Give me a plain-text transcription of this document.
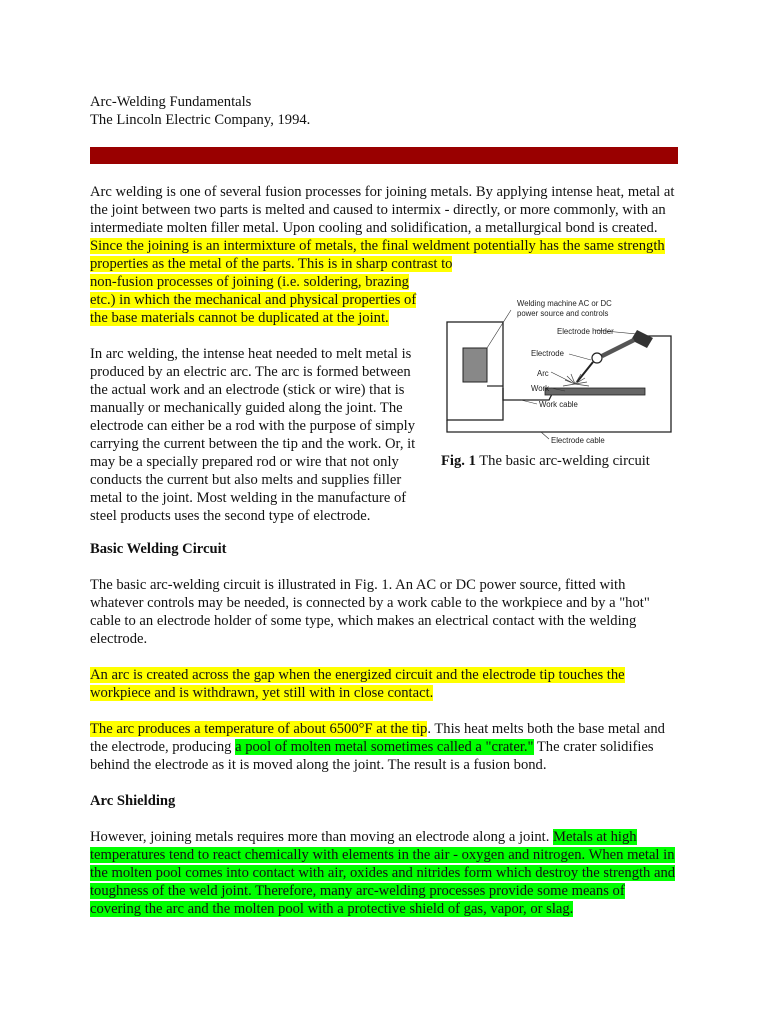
Arc-Welding Fundamentals
The Lincoln Electric Company, 1994.
Arc welding is one of several fusion processes for joining metals. By applying intense heat, metal at the joint between two parts is melted and caused to intermix - directly, or more commonly, with an intermediate molten filler metal. Upon cooling and solidification, a metallurgical bond is created. Since the joining is an intermixture of metals, the final weldment potentially has the same strength properties as the metal of the parts. This is in sharp contrast to
non-fusion processes of joining (i.e. soldering, brazing etc.) in which the mechanical and physical properties of the base materials cannot be duplicated at the joint.
In arc welding, the intense heat needed to melt metal is produced by an electric arc. The arc is formed between the actual work and an electrode (stick or wire) that is manually or mechanically guided along the joint. The electrode can either be a rod with the purpose of simply carrying the current between the tip and the work. Or, it may be a specially prepared rod or wire that not only conducts the current but also melts and supplies filler metal to the joint. Most welding in the manufacture of steel products uses the second type of electrode.
Welding machine AC or DC
power source and controls
Electrode holder
Electrode
Arc
Work
Work cable
Electrode cable
Fig. 1 The basic arc-welding circuit
Basic Welding Circuit
The basic arc-welding circuit is illustrated in Fig. 1. An AC or DC power source, fitted with whatever controls may be needed, is connected by a work cable to the workpiece and by a "hot" cable to an electrode holder of some type, which makes an electrical contact with the welding electrode.
An arc is created across the gap when the energized circuit and the electrode tip touches the workpiece and is withdrawn, yet still with in close contact.
The arc produces a temperature of about 6500°F at the tip. This heat melts both the base metal and the electrode, producing a pool of molten metal sometimes called a "crater." The crater solidifies behind the electrode as it is moved along the joint. The result is a fusion bond.
Arc Shielding
However, joining metals requires more than moving an electrode along a joint. Metals at high temperatures tend to react chemically with elements in the air - oxygen and nitrogen. When metal in the molten pool comes into contact with air, oxides and nitrides form which destroy the strength and toughness of the weld joint. Therefore, many arc-welding processes provide some means of covering the arc and the molten pool with a protective shield of gas, vapor, or slag.
